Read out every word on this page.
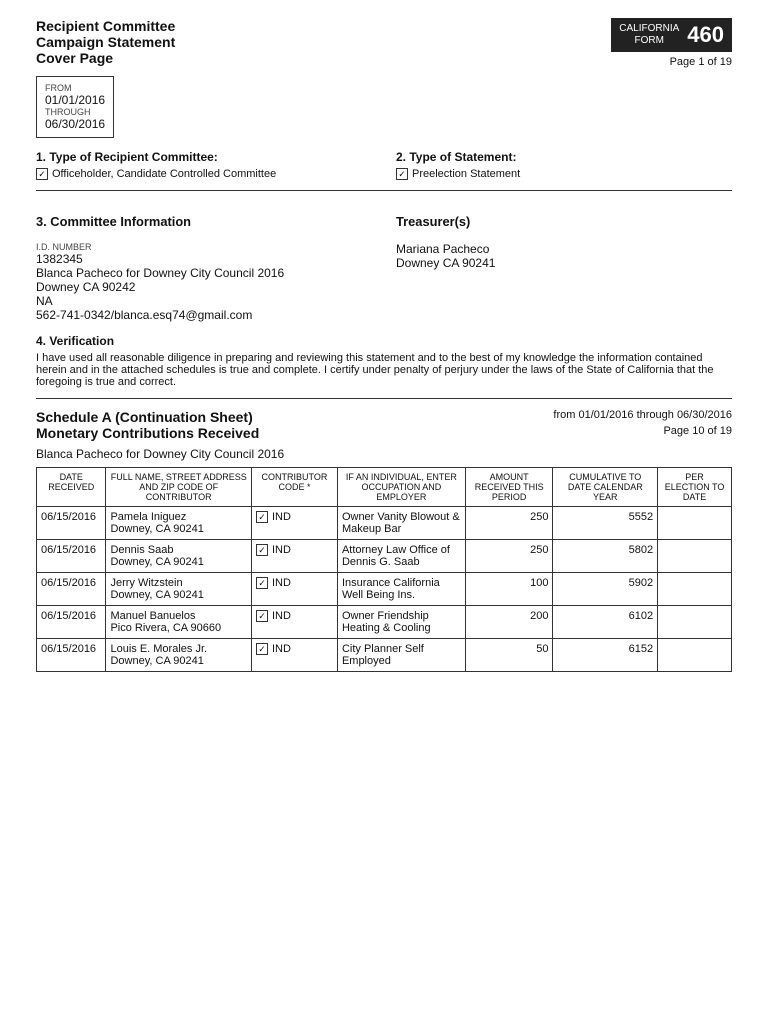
Recipient Committee
Campaign Statement
Cover Page
CALIFORNIA
FORM	460
Page 1 of 19
FROM
01/01/2016
THROUGH
06/30/2016
1. Type of Recipient Committee:
✓ Officeholder, Candidate Controlled Committee
2. Type of Statement:
✓ Preelection Statement
3. Committee Information
I.D. NUMBER
1382345
Blanca Pacheco for Downey City Council 2016
Downey CA 90242
NA
562-741-0342/blanca.esq74@gmail.com
Treasurer(s)
Mariana Pacheco
Downey CA 90241
4. Verification
I have used all reasonable diligence in preparing and reviewing this statement and to the best of my knowledge the information contained herein and in the attached schedules is true and complete. I certify under penalty of perjury under the laws of the State of California that the foregoing is true and correct.
Schedule A (Continuation Sheet)
Monetary Contributions Received
from 01/01/2016 through 06/30/2016
Page 10 of 19
Blanca Pacheco for Downey City Council 2016
DATE RECEIVED	FULL NAME, STREET ADDRESS AND ZIP CODE OF CONTRIBUTOR	CONTRIBUTOR CODE *	IF AN INDIVIDUAL, ENTER OCCUPATION AND EMPLOYER	AMOUNT RECEIVED THIS PERIOD	CUMULATIVE TO DATE CALENDAR YEAR	PER ELECTION TO DATE
06/15/2016	Pamela Iniguez
Downey, CA 90241	✓ IND	Owner Vanity Blowout & Makeup Bar	250	5552	
06/15/2016	Dennis Saab
Downey, CA 90241	✓ IND	Attorney Law Office of Dennis G. Saab	250	5802	
06/15/2016	Jerry Witzstein
Downey, CA 90241	✓ IND	Insurance California Well Being Ins.	100	5902	
06/15/2016	Manuel Banuelos
Pico Rivera, CA 90660	✓ IND	Owner Friendship Heating & Cooling	200	6102	
06/15/2016	Louis E. Morales Jr.
Downey, CA 90241	✓ IND	City Planner Self Employed	50	6152	
